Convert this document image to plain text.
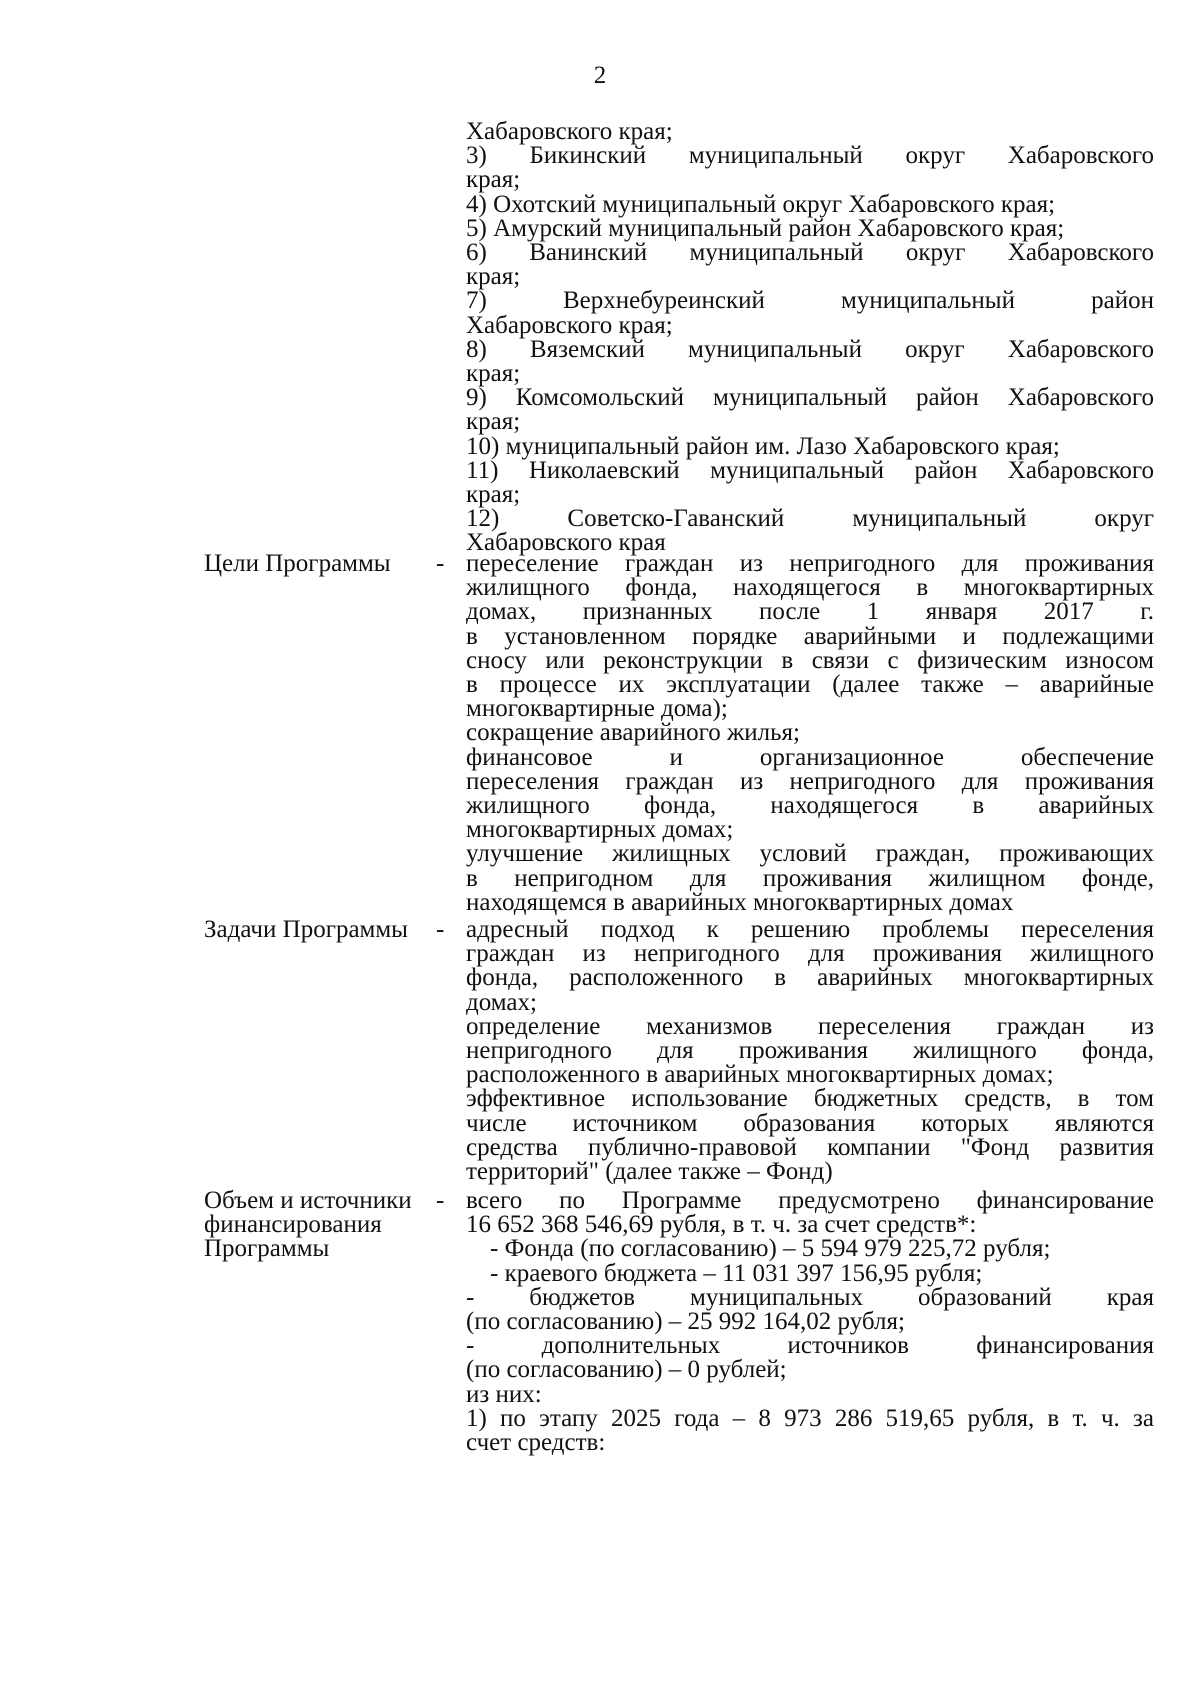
2
Хабаровского края;
3) Бикинский муниципальный округ Хабаровского
края;
4) Охотский муниципальный округ Хабаровского края;
5) Амурский муниципальный район Хабаровского края;
6) Ванинский муниципальный округ Хабаровского
края;
7) Верхнебуреинский муниципальный район
Хабаровского края;
8) Вяземский муниципальный округ Хабаровского
края;
9) Комсомольский муниципальный район Хабаровского
края;
10) муниципальный район им. Лазо Хабаровского края;
11) Николаевский муниципальный район Хабаровского
края;
12) Советско-Гаванский муниципальный округ
Хабаровского края
Цели Программы	- переселение граждан из непригодного для проживания
жилищного фонда, находящегося в многоквартирных
домах, признанных после 1 января 2017 г.
в установленном порядке аварийными и подлежащими
сносу или реконструкции в связи с физическим износом
в процессе их эксплуатации (далее также – аварийные
многоквартирные дома);
сокращение аварийного жилья;
финансовое и организационное обеспечение
переселения граждан из непригодного для проживания
жилищного фонда, находящегося в аварийных
многоквартирных домах;
улучшение жилищных условий граждан, проживающих
в непригодном для проживания жилищном фонде,
находящемся в аварийных многоквартирных домах
Задачи Программы	- адресный подход к решению проблемы переселения
граждан из непригодного для проживания жилищного
фонда, расположенного в аварийных многоквартирных
домах;
определение механизмов переселения граждан из
непригодного для проживания жилищного фонда,
расположенного в аварийных многоквартирных домах;
эффективное использование бюджетных средств, в том
числе источником образования которых являются
средства публично-правовой компании "Фонд развития
территорий" (далее также – Фонд)
Объем и источники финансирования Программы
- всего по Программе предусмотрено финансирование
16 652 368 546,69 рубля, в т. ч. за счет средств*:
- Фонда (по согласованию) – 5 594 979 225,72 рубля;
- краевого бюджета – 11 031 397 156,95 рубля;
- бюджетов муниципальных образований края
(по согласованию) – 25 992 164,02 рубля;
- дополнительных источников финансирования
(по согласованию) – 0 рублей;
из них:
1) по этапу 2025 года – 8 973 286 519,65 рубля, в т. ч. за
счет средств:
